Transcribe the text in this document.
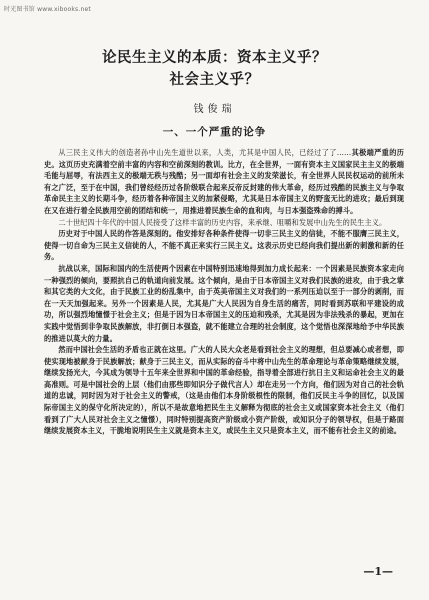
时光图书馆 www.xibooks.net
论民生主义的本质：资本主义乎？
社会主义乎？
钱俊瑞
一、一个严重的论争

从三民主义伟大的创造者孙中山先生道世以来，人类，尤其是中国人民，已经过了了……其极端严重的历史。这页历史充满着空前丰富的内容和空前深刻的教训。比方，在全世界，一面有资本主义国家民主主义的极端毛能与屈辱，有法西主义的极端无秩与残酷；另一面却有社会主义的发荣滋长，有全世界人民民权运动的前所未有之广泛，至于在中国，我们曾经经历过各阶级联合起来反帝反封建的伟大革命，经历过残酷的民族主义与争取革命民主主义的长期斗争，经历着各种帝国主义的加紧侵略，尤其是日本帝国主义的野蛮无比的进攻；最后到现在又在进行着全民族用空前的团结和统一，用推进着民族生命的血和肉，与日本强盗殊命的搏斗。

二十世纪四十年代的中国人民接受了这样丰富的历史内容，来承继、咀嚼和发展中山先生的民生主义。

历史对于中国人民的作答是深刻的。他安排好各种条件使得一切非三民主义的信徒，不能不服膺三民主义，使得一切自命为三民主义信徒的人，不能不真正来实行三民主义。这表示历史已经向我们提出新的刺激和新的任务。

抗战以来，国际和国内的生活使两个因素在中国特别迅速地得到加力成长起来：一个因素是民族资本家走向一种强烈的倾向，要照抗自己的轨道向前发展。这个倾向，是由于日本帝国主义对我们民族的进攻，由于我之掌和其它类的大文化，由于民族工业的纷乱集中，由于英美帝国主义对我们的一系列压迫以至于一部分的剥削，而在一天天加强起来。另外一个因素是人民，尤其是广大人民因为自身生活的痛苦，同时看到苏联和平建设的成功，所以强烈地憧憬于社会主义；但是于因为日本帝国主义的压迫和残杀，尤其是因为非法残杀的暴起，更加在实践中觉悟到非争取民族解放，非打倒日本强盗，就不能建立合理的社会制度，这个觉悟也深深地给予中华民族的推进以莫大的力量。

然而中国社会生活的矛盾也正就在这里。广大的人民大众老是看到社会主义的理想，但总要减心或者想，即使实现地被献身于民族解放；献身于三民主义，而从实际的奋斗中将中山先生的革命理论与革命策略继续发展，继续发扬光大，今其成为领导十五年来全世界和中国的革命经验，指导着全部进行抗日主义和运命社会主义的最高准则。可是中国社会的上层（他们由那些即知识分子做代言人）却在走另一个方向，他们因为对自己的社会轨道的忠诚，同时因为对于社会主义的警戒，（这是由他们本身阶级根性的限制，他们反民主斗争的回忆，以及国际帝国主义的保守化所决定的），所以不是故意地把民生主义解释为彻底的社会主义或国家资本社会主义（他们看到了广大人民对社会主义之憧憬），同时特别提高资产阶级或小资产阶级，或知识分子的领导权，但是于路面继续发展资本主义，干脆地说明民生主义就是资本主义，或民生主义只是资本主义，而不能有社会主义的前途。

—1—
